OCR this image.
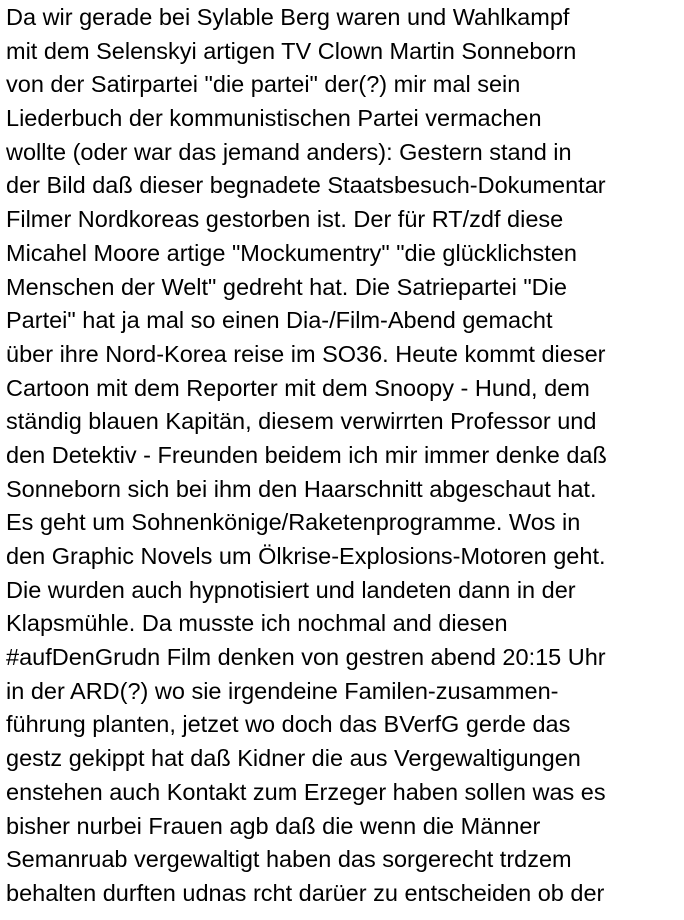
Da wir gerade bei Sylable Berg waren und Wahlkampf
mit dem Selenskyi artigen TV Clown Martin Sonneborn
von der Satirpartei "die partei" der(?) mir mal sein
Liederbuch der kommunistischen Partei vermachen
wollte (oder war das jemand anders): Gestern stand in
der Bild daß dieser begnadete Staatsbesuch-Dokumentar
Filmer Nordkoreas gestorben ist. Der für RT/zdf diese
Micahel Moore artige "Mockumentry" "die glücklichsten
Menschen der Welt" gedreht hat. Die Satriepartei "Die
Partei" hat ja mal so einen Dia-/Film-Abend gemacht
über ihre Nord-Korea reise im SO36. Heute kommt dieser
Cartoon mit dem Reporter mit dem Snoopy - Hund, dem
ständig blauen Kapitän, diesem verwirrten Professor und
den Detektiv - Freunden beidem ich mir immer denke daß
Sonneborn sich bei ihm den Haarschnitt abgeschaut hat.
Es geht um Sohnenkönige/Raketenprogramme. Wos in
den Graphic Novels um Ölkrise-Explosions-Motoren geht.
Die wurden auch hypnotisiert und landeten dann in der
Klapsmühle. Da musste ich nochmal and diesen
#aufDenGrudn Film denken von gestren abend 20:15 Uhr
in der ARD(?) wo sie irgendeine Familen-zusammen-
führung planten, jetzet wo doch das BVerfG gerde das
gestz gekippt hat daß Kidner die aus Vergewaltigungen
enstehen auch Kontakt zum Erzeger haben sollen was es
bisher nurbei Frauen agb daß die wenn die Männer
Semanruab vergewaltigt haben das sorgerecht trdzem
behalten durften udnas rcht darüer zu entscheiden ob der
